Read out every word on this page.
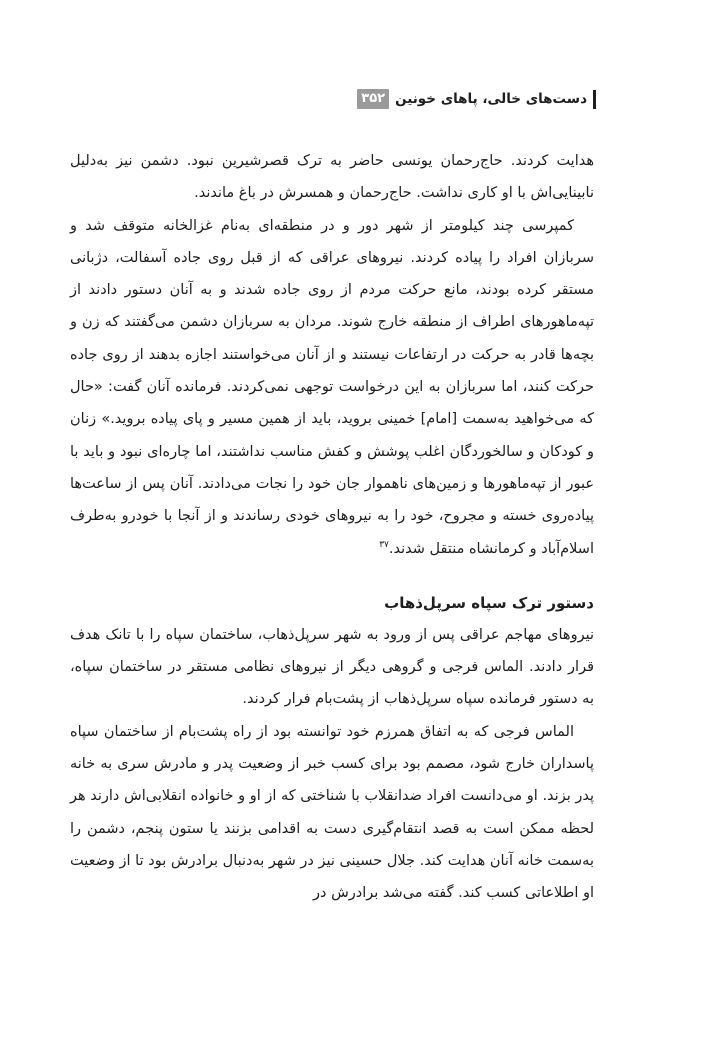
۳۵۲ دست‌های خالی، پاهای خونین

هدایت کردند. حاج‌رحمان یونسی حاضر به ترک قصرشیرین نبود. دشمن نیز به‌دلیل نابینایی‌اش با او کاری نداشت. حاج‌رحمان و همسرش در باغ ماندند.

کمپرسی چند کیلومتر از شهر دور و در منطقه‌ای به‌نام غزالخانه متوقف شد و سربازان افراد را پیاده کردند. نیروهای عراقی که از قبل روی جاده آسفالت، دژبانی مستقر کرده بودند، مانع حرکت مردم از روی جاده شدند و به آنان دستور دادند از تپه‌ماهورهای اطراف از منطقه خارج شوند. مردان به سربازان دشمن می‌گفتند که زن و بچه‌ها قادر به حرکت در ارتفاعات نیستند و از آنان می‌خواستند اجازه بدهند از روی جاده حرکت کنند، اما سربازان به این درخواست توجهی نمی‌کردند. فرمانده آنان گفت: «حال که می‌خواهید به‌سمت [امام] خمینی بروید، باید از همین مسیر و پای پیاده بروید.» زنان و کودکان و سالخوردگان اغلب پوشش و کفش مناسب نداشتند، اما چاره‌ای نبود و باید با عبور از تپه‌ماهورها و زمین‌های ناهموار جان خود را نجات می‌دادند. آنان پس از ساعت‌ها پیاده‌روی خسته و مجروح، خود را به نیروهای خودی رساندند و از آنجا با خودرو به‌طرف اسلام‌آباد و کرمانشاه منتقل شدند.$^{۳۷}$

دستور ترک سپاه سرپل‌ذهاب

نیروهای مهاجم عراقی پس از ورود به شهر سرپل‌ذهاب، ساختمان سپاه را با تانک هدف قرار دادند. الماس فرجی و گروهی دیگر از نیروهای نظامی مستقر در ساختمان سپاه، به دستور فرمانده سپاه سرپل‌ذهاب از پشت‌بام فرار کردند.

الماس فرجی که به اتفاق همرزم خود توانسته بود از راه پشت‌بام از ساختمان سپاه پاسداران خارج شود، مصمم بود برای کسب خبر از وضعیت پدر و مادرش سری به خانه پدر بزند. او می‌دانست افراد ضدانقلاب با شناختی که از او و خانواده انقلابی‌اش دارند هر لحظه ممکن است به قصد انتقام‌گیری دست به اقدامی بزنند یا ستون پنجم، دشمن را به‌سمت خانه آنان هدایت کند. جلال حسینی نیز در شهر به‌دنبال برادرش بود تا از وضعیت او اطلاعاتی کسب کند. گفته می‌شد برادرش در
